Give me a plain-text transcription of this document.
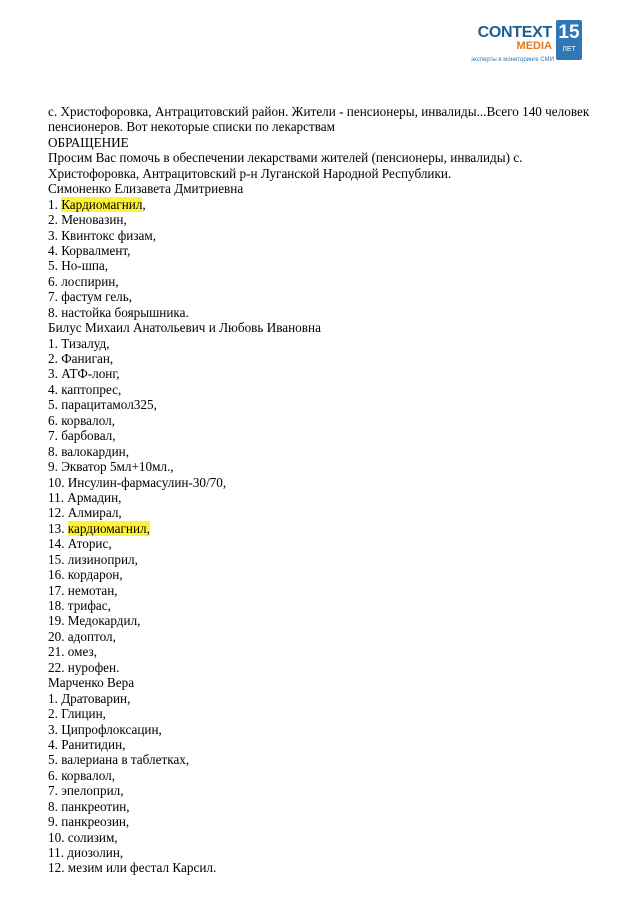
CONTEXT
MEDIA
15
ЛЕТ
эксперты в мониторинге СМИ
с. Христофоровка, Антрацитовский район. Жители - пенсионеры, инвалиды...Всего 140 человек
пенсионеров. Вот некоторые списки по лекарствам
ОБРАЩЕНИЕ
Просим Вас помочь в обеспечении лекарствами жителей (пенсионеры, инвалиды) с.
Христофоровка, Антрацитовский р-н Луганской Народной Республики.
Симоненко Елизавета Дмитриевна
1. Кардиомагнил,
2. Меновазин,
3. Квинтокс физам,
4. Корвалмент,
5. Но-шпа,
6. лоспирин,
7. фастум гель,
8. настойка боярышника.
Билус Михаил Анатольевич и Любовь Ивановна
1. Тизалуд,
2. Фаниган,
3. АТФ-лонг,
4. каптопрес,
5. парацитамол325,
6. корвалол,
7. барбовал,
8. валокардин,
9. Экватор 5мл+10мл.,
10. Инсулин-фармасулин-30/70,
11. Армадин,
12. Алмирал,
13. кардиомагнил,
14. Аторис,
15. лизиноприл,
16. кордарон,
17. немотан,
18. трифас,
19. Медокардил,
20. адоптол,
21. омез,
22. нурофен.
Марченко Вера
1. Дратоварин,
2. Глицин,
3. Ципрофлоксацин,
4. Ранитидин,
5. валериана в таблетках,
6. корвалол,
7. эпелоприл,
8. панкреотин,
9. панкреозин,
10. солизим,
11. диозолин,
12. мезим или фестал Карсил.
